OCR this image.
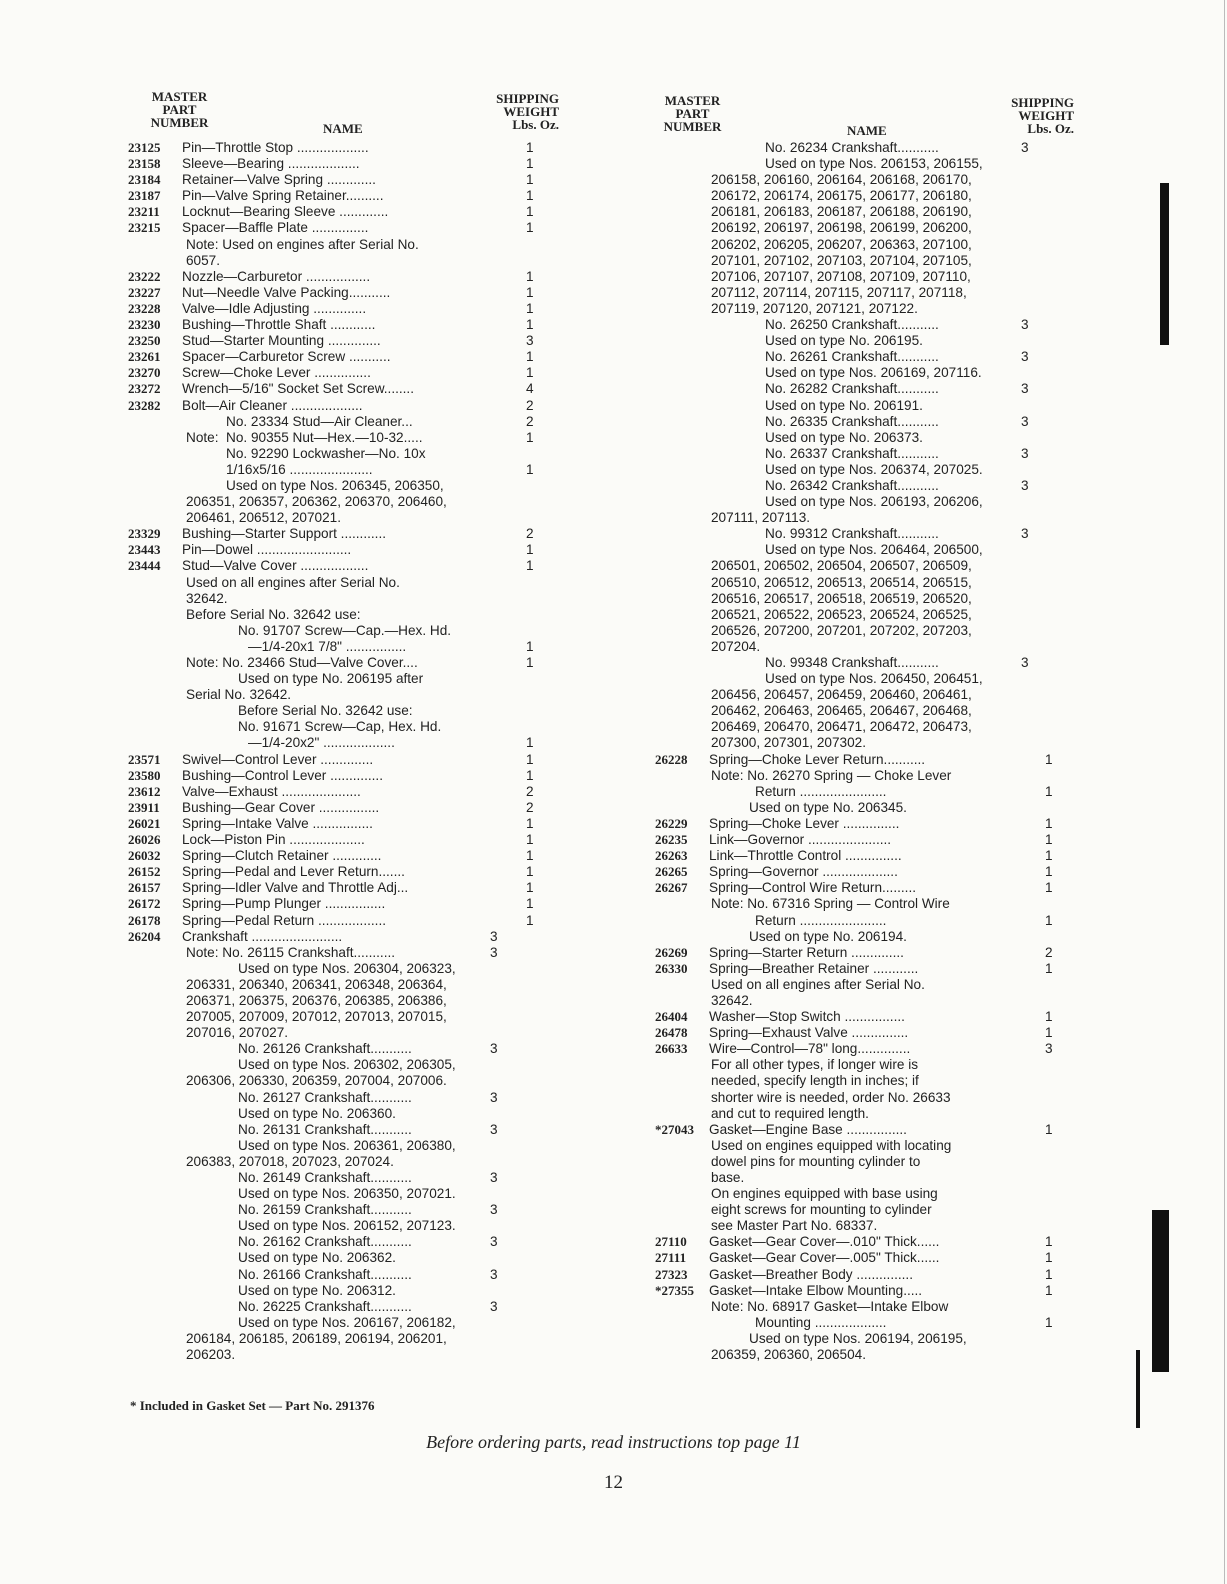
MASTER
PART
NUMBER	NAME
SHIPPING
WEIGHT
Lbs. Oz.
23125	Pin—Throttle Stop ...................	1
23158	Sleeve—Bearing ...................	1
23184	Retainer—Valve Spring .............	1
23187	Pin—Valve Spring Retainer..........	1
23211	Locknut—Bearing Sleeve .............	1
23215	Spacer—Baffle Plate ...............	1
Note: Used on engines after Serial No.
6057.
23222	Nozzle—Carburetor .................	1
23227	Nut—Needle Valve Packing...........	1
23228	Valve—Idle Adjusting ..............	1
23230	Bushing—Throttle Shaft ............	1
23250	Stud—Starter Mounting ..............	3
23261	Spacer—Carburetor Screw ...........	1
23270	Screw—Choke Lever ...............	1
23272	Wrench—5/16" Socket Set Screw........	4
23282	Bolt—Air Cleaner ...................	2
No. 23334 Stud—Air Cleaner...	2
Note:  No. 90355 Nut—Hex.—10-32.....	1
No. 92290 Lockwasher—No. 10x
1/16x5/16 ......................	1
Used on type Nos. 206345, 206350,
206351, 206357, 206362, 206370, 206460,
206461, 206512, 207021.
23329	Bushing—Starter Support ............	2
23443	Pin—Dowel .........................	1
23444	Stud—Valve Cover ..................	1
Used on all engines after Serial No.
32642.
Before Serial No. 32642 use:
No. 91707 Screw—Cap.—Hex. Hd.
—1/4-20x1 7/8" ................	1
Note: No. 23466 Stud—Valve Cover....	1
Used on type No. 206195 after
Serial No. 32642.
Before Serial No. 32642 use:
No. 91671 Screw—Cap, Hex. Hd.
—1/4-20x2" ...................	1
23571	Swivel—Control Lever ..............	1
23580	Bushing—Control Lever ..............	1
23612	Valve—Exhaust .....................	2
23911	Bushing—Gear Cover ................	2
26021	Spring—Intake Valve ................	1
26026	Lock—Piston Pin ....................	1
26032	Spring—Clutch Retainer .............	1
26152	Spring—Pedal and Lever Return.......	1
26157	Spring—Idler Valve and Throttle Adj...	1
26172	Spring—Pump Plunger ................	1
26178	Spring—Pedal Return ..................	1
26204	Crankshaft ........................	3
Note: No. 26115 Crankshaft...........	3
Used on type Nos. 206304, 206323,
206331, 206340, 206341, 206348, 206364,
206371, 206375, 206376, 206385, 206386,
207005, 207009, 207012, 207013, 207015,
207016, 207027.
No. 26126 Crankshaft...........	3
Used on type Nos. 206302, 206305,
206306, 206330, 206359, 207004, 207006.
No. 26127 Crankshaft...........	3
Used on type No. 206360.
No. 26131 Crankshaft...........	3
Used on type Nos. 206361, 206380,
206383, 207018, 207023, 207024.
No. 26149 Crankshaft...........	3
Used on type Nos. 206350, 207021.
No. 26159 Crankshaft...........	3
Used on type Nos. 206152, 207123.
No. 26162 Crankshaft...........	3
Used on type No. 206362.
No. 26166 Crankshaft...........	3
Used on type No. 206312.
No. 26225 Crankshaft...........	3
Used on type Nos. 206167, 206182,
206184, 206185, 206189, 206194, 206201,
206203.
MASTER
PART
NUMBER	NAME
SHIPPING
WEIGHT
Lbs. Oz.
No. 26234 Crankshaft...........	3
Used on type Nos. 206153, 206155,
206158, 206160, 206164, 206168, 206170,
206172, 206174, 206175, 206177, 206180,
206181, 206183, 206187, 206188, 206190,
206192, 206197, 206198, 206199, 206200,
206202, 206205, 206207, 206363, 207100,
207101, 207102, 207103, 207104, 207105,
207106, 207107, 207108, 207109, 207110,
207112, 207114, 207115, 207117, 207118,
207119, 207120, 207121, 207122.
No. 26250 Crankshaft...........	3
Used on type No. 206195.
No. 26261 Crankshaft...........	3
Used on type Nos. 206169, 207116.
No. 26282 Crankshaft...........	3
Used on type No. 206191.
No. 26335 Crankshaft...........	3
Used on type No. 206373.
No. 26337 Crankshaft...........	3
Used on type Nos. 206374, 207025.
No. 26342 Crankshaft...........	3
Used on type Nos. 206193, 206206,
207111, 207113.
No. 99312 Crankshaft...........	3
Used on type Nos. 206464, 206500,
206501, 206502, 206504, 206507, 206509,
206510, 206512, 206513, 206514, 206515,
206516, 206517, 206518, 206519, 206520,
206521, 206522, 206523, 206524, 206525,
206526, 207200, 207201, 207202, 207203,
207204.
No. 99348 Crankshaft...........	3
Used on type Nos. 206450, 206451,
206456, 206457, 206459, 206460, 206461,
206462, 206463, 206465, 206467, 206468,
206469, 206470, 206471, 206472, 206473,
207300, 207301, 207302.
26228	Spring—Choke Lever Return...........	1
Note: No. 26270 Spring — Choke Lever
Return .......................	1
Used on type No. 206345.
26229	Spring—Choke Lever ...............	1
26235	Link—Governor ......................	1
26263	Link—Throttle Control ...............	1
26265	Spring—Governor ....................	1
26267	Spring—Control Wire Return.........	1
Note: No. 67316 Spring — Control Wire
Return .......................	1
Used on type No. 206194.
26269	Spring—Starter Return ..............	2
26330	Spring—Breather Retainer ............	1
Used on all engines after Serial No.
32642.
26404	Washer—Stop Switch ................	1
26478	Spring—Exhaust Valve ...............	1
26633	Wire—Control—78" long..............	3
For all other types, if longer wire is
needed, specify length in inches; if
shorter wire is needed, order No. 26633
and cut to required length.
*27043	Gasket—Engine Base ................	1
Used on engines equipped with locating
dowel pins for mounting cylinder to
base.
On engines equipped with base using
eight screws for mounting to cylinder
see Master Part No. 68337.
27110	Gasket—Gear Cover—.010" Thick......	1
27111	Gasket—Gear Cover—.005" Thick......	1
27323	Gasket—Breather Body ...............	1
*27355	Gasket—Intake Elbow Mounting.....	1
Note: No. 68917 Gasket—Intake Elbow
Mounting ...................	1
Used on type Nos. 206194, 206195,
206359, 206360, 206504.
* Included in Gasket Set — Part No. 291376
Before ordering parts, read instructions top page 11
12
